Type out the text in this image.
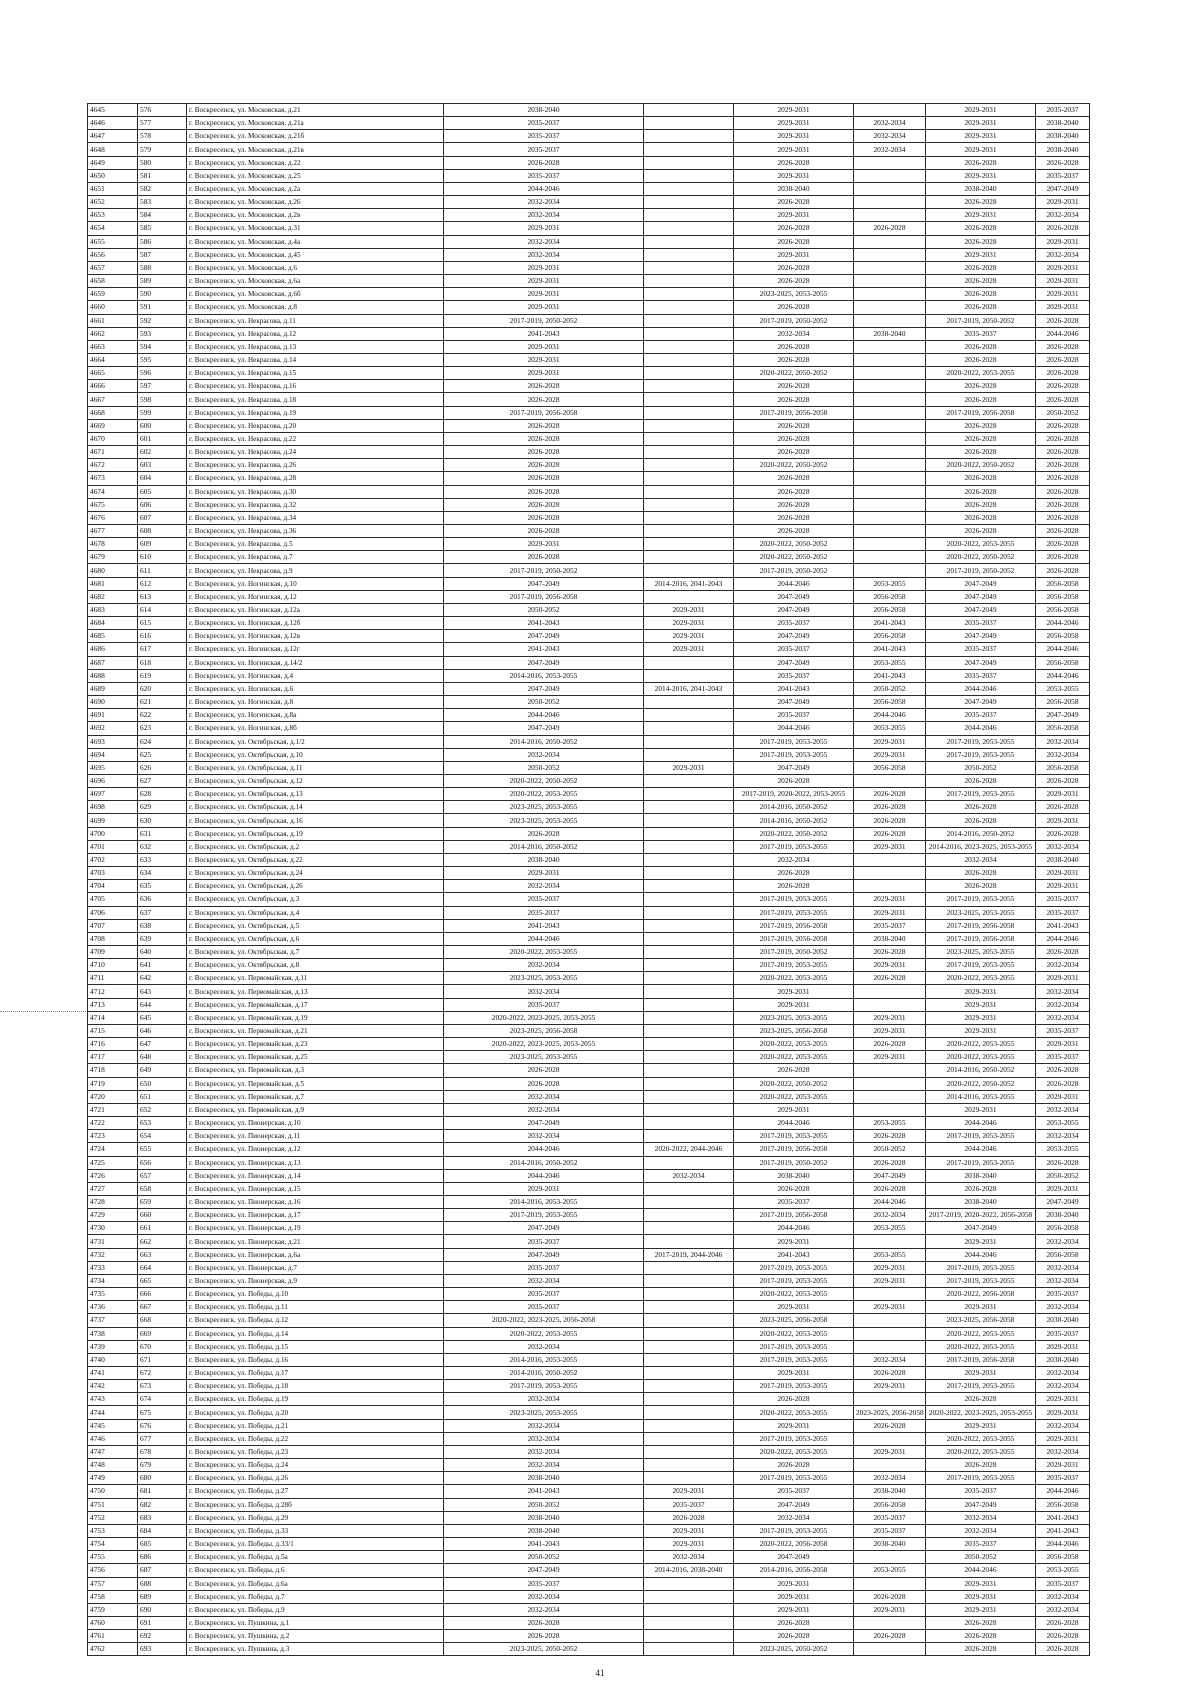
4645	576	г. Воскресенск, ул. Московская, д.21	2038-2040		2029-2031		2029-2031	2035-2037
4646	577	г. Воскресенск, ул. Московская, д.21а	2035-2037		2029-2031	2032-2034	2029-2031	2038-2040
4647	578	г. Воскресенск, ул. Московская, д.21б	2035-2037		2029-2031	2032-2034	2029-2031	2038-2040
4648	579	г. Воскресенск, ул. Московская, д.21в	2035-2037		2029-2031	2032-2034	2029-2031	2038-2040
4649	580	г. Воскресенск, ул. Московская, д.22	2026-2028		2026-2028		2026-2028	2026-2028
4650	581	г. Воскресенск, ул. Московская, д.25	2035-2037		2029-2031		2029-2031	2035-2037
4651	582	г. Воскресенск, ул. Московская, д.2а	2044-2046		2038-2040		2038-2040	2047-2049
4652	583	г. Воскресенск, ул. Московская, д.26	2032-2034		2026-2028		2026-2028	2029-2031
4653	584	г. Воскресенск, ул. Московская, д.2в	2032-2034		2029-2031		2029-2031	2032-2034
4654	585	г. Воскресенск, ул. Московская, д.31	2029-2031		2026-2028	2026-2028	2026-2028	2026-2028
4655	586	г. Воскресенск, ул. Московская, д.4а	2032-2034		2026-2028		2026-2028	2029-2031
4656	587	г. Воскресенск, ул. Московская, д.45	2032-2034		2029-2031		2029-2031	2032-2034
4657	588	г. Воскресенск, ул. Московская, д.6	2029-2031		2026-2028		2026-2028	2029-2031
4658	589	г. Воскресенск, ул. Московская, д.6а	2029-2031		2026-2028		2026-2028	2029-2031
4659	590	г. Воскресенск, ул. Московская, д.6б	2029-2031		2023-2025, 2053-2055		2026-2028	2029-2031
4660	591	г. Воскресенск, ул. Московская, д.8	2029-2031		2026-2028		2026-2028	2029-2031
4661	592	г. Воскресенск, ул. Некрасова, д.11	2017-2019, 2050-2052		2017-2019, 2050-2052		2017-2019, 2050-2052	2026-2028
4662	593	г. Воскресенск, ул. Некрасова, д.12	2041-2043		2032-2034	2038-2040	2035-2037	2044-2046
4663	594	г. Воскресенск, ул. Некрасова, д.13	2029-2031		2026-2028		2026-2028	2026-2028
4664	595	г. Воскресенск, ул. Некрасова, д.14	2029-2031		2026-2028		2026-2028	2026-2028
4665	596	г. Воскресенск, ул. Некрасова, д.15	2029-2031		2020-2022, 2050-2052		2020-2022, 2053-2055	2026-2028
4666	597	г. Воскресенск, ул. Некрасова, д.16	2026-2028		2026-2028		2026-2028	2026-2028
4667	598	г. Воскресенск, ул. Некрасова, д.18	2026-2028		2026-2028		2026-2028	2026-2028
4668	599	г. Воскресенск, ул. Некрасова, д.19	2017-2019, 2056-2058		2017-2019, 2056-2058		2017-2019, 2056-2058	2050-2052
4669	600	г. Воскресенск, ул. Некрасова, д.20	2026-2028		2026-2028		2026-2028	2026-2028
4670	601	г. Воскресенск, ул. Некрасова, д.22	2026-2028		2026-2028		2026-2028	2026-2028
4671	602	г. Воскресенск, ул. Некрасова, д.24	2026-2028		2026-2028		2026-2028	2026-2028
4672	603	г. Воскресенск, ул. Некрасова, д.26	2026-2028		2020-2022, 2050-2052		2020-2022, 2050-2052	2026-2028
4673	604	г. Воскресенск, ул. Некрасова, д.28	2026-2028		2026-2028		2026-2028	2026-2028
4674	605	г. Воскресенск, ул. Некрасова, д.30	2026-2028		2026-2028		2026-2028	2026-2028
4675	606	г. Воскресенск, ул. Некрасова, д.32	2026-2028		2026-2028		2026-2028	2026-2028
4676	607	г. Воскресенск, ул. Некрасова, д.34	2026-2028		2026-2028		2026-2028	2026-2028
4677	608	г. Воскресенск, ул. Некрасова, д.36	2026-2028		2026-2028		2026-2028	2026-2028
4678	609	г. Воскресенск, ул. Некрасова, д.5	2029-2031		2020-2022, 2050-2052		2020-2022, 2053-2055	2026-2028
4679	610	г. Воскресенск, ул. Некрасова, д.7	2026-2028		2020-2022, 2050-2052		2020-2022, 2050-2052	2026-2028
4680	611	г. Воскресенск, ул. Некрасова, д.9	2017-2019, 2050-2052		2017-2019, 2050-2052		2017-2019, 2050-2052	2026-2028
4681	612	г. Воскресенск, ул. Ногинская, д.10	2047-2049	2014-2016, 2041-2043	2044-2046	2053-2055	2047-2049	2056-2058
4682	613	г. Воскресенск, ул. Ногинская, д.12	2017-2019, 2056-2058		2047-2049	2056-2058	2047-2049	2056-2058
4683	614	г. Воскресенск, ул. Ногинская, д.12а	2050-2052	2029-2031	2047-2049	2056-2058	2047-2049	2056-2058
4684	615	г. Воскресенск, ул. Ногинская, д.12б	2041-2043	2029-2031	2035-2037	2041-2043	2035-2037	2044-2046
4685	616	г. Воскресенск, ул. Ногинская, д.12в	2047-2049	2029-2031	2047-2049	2056-2058	2047-2049	2056-2058
4686	617	г. Воскресенск, ул. Ногинская, д.12г	2041-2043	2029-2031	2035-2037	2041-2043	2035-2037	2044-2046
4687	618	г. Воскресенск, ул. Ногинская, д.14/2	2047-2049		2047-2049	2053-2055	2047-2049	2056-2058
4688	619	г. Воскресенск, ул. Ногинская, д.4	2014-2016, 2053-2055		2035-2037	2041-2043	2035-2037	2044-2046
4689	620	г. Воскресенск, ул. Ногинская, д.6	2047-2049	2014-2016, 2041-2043	2041-2043	2050-2052	2044-2046	2053-2055
4690	621	г. Воскресенск, ул. Ногинская, д.8	2050-2052		2047-2049	2056-2058	2047-2049	2056-2058
4691	622	г. Воскресенск, ул. Ногинская, д.8а	2044-2046		2035-2037	2044-2046	2035-2037	2047-2049
4692	623	г. Воскресенск, ул. Ногинская, д.8б	2047-2049		2044-2046	2053-2055	2044-2046	2056-2058
4693	624	г. Воскресенск, ул. Октябрьская, д.1/2	2014-2016, 2050-2052		2017-2019, 2053-2055	2029-2031	2017-2019, 2053-2055	2032-2034
4694	625	г. Воскресенск, ул. Октябрьская, д.10	2032-2034		2017-2019, 2053-2055	2029-2031	2017-2019, 2053-2055	2032-2034
4695	626	г. Воскресенск, ул. Октябрьская, д.11	2050-2052	2029-2031	2047-2049	2056-2058	2050-2052	2056-2058
4696	627	г. Воскресенск, ул. Октябрьская, д.12	2020-2022, 2050-2052		2026-2028		2026-2028	2026-2028
4697	628	г. Воскресенск, ул. Октябрьская, д.13	2020-2022, 2053-2055		2017-2019, 2020-2022, 2053-2055	2026-2028	2017-2019, 2053-2055	2029-2031
4698	629	г. Воскресенск, ул. Октябрьская, д.14	2023-2025, 2053-2055		2014-2016, 2050-2052	2026-2028	2026-2028	2026-2028
4699	630	г. Воскресенск, ул. Октябрьская, д.16	2023-2025, 2053-2055		2014-2016, 2050-2052	2026-2028	2026-2028	2029-2031
4700	631	г. Воскресенск, ул. Октябрьская, д.19	2026-2028		2020-2022, 2050-2052	2026-2028	2014-2016, 2050-2052	2026-2028
4701	632	г. Воскресенск, ул. Октябрьская, д.2	2014-2016, 2050-2052		2017-2019, 2053-2055	2029-2031	2014-2016, 2023-2025, 2053-2055	2032-2034
4702	633	г. Воскресенск, ул. Октябрьская, д.22	2038-2040		2032-2034		2032-2034	2038-2040
4703	634	г. Воскресенск, ул. Октябрьская, д.24	2029-2031		2026-2028		2026-2028	2029-2031
4704	635	г. Воскресенск, ул. Октябрьская, д.26	2032-2034		2026-2028		2026-2028	2029-2031
4705	636	г. Воскресенск, ул. Октябрьская, д.3	2035-2037		2017-2019, 2053-2055	2029-2031	2017-2019, 2053-2055	2035-2037
4706	637	г. Воскресенск, ул. Октябрьская, д.4	2035-2037		2017-2019, 2053-2055	2029-2031	2023-2025, 2053-2055	2035-2037
4707	638	г. Воскресенск, ул. Октябрьская, д.5	2041-2043		2017-2019, 2056-2058	2035-2037	2017-2019, 2056-2058	2041-2043
4708	639	г. Воскресенск, ул. Октябрьская, д.6	2044-2046		2017-2019, 2056-2058	2038-2040	2017-2019, 2056-2058	2044-2046
4709	640	г. Воскресенск, ул. Октябрьская, д.7	2020-2022, 2053-2055		2017-2019, 2050-2052	2026-2028	2023-2025, 2053-2055	2026-2028
4710	641	г. Воскресенск, ул. Октябрьская, д.8	2032-2034		2017-2019, 2053-2055	2029-2031	2017-2019, 2053-2055	2032-2034
4711	642	г. Воскресенск, ул. Первомайская, д.11	2023-2025, 2053-2055		2020-2022, 2053-2055	2026-2028	2020-2022, 2053-2055	2029-2031
4712	643	г. Воскресенск, ул. Первомайская, д.13	2032-2034		2029-2031		2029-2031	2032-2034
4713	644	г. Воскресенск, ул. Первомайская, д.17	2035-2037		2029-2031		2029-2031	2032-2034
4714	645	г. Воскресенск, ул. Первомайская, д.19	2020-2022, 2023-2025, 2053-2055		2023-2025, 2053-2055	2029-2031	2029-2031	2032-2034
4715	646	г. Воскресенск, ул. Первомайская, д.21	2023-2025, 2056-2058		2023-2025, 2056-2058	2029-2031	2029-2031	2035-2037
4716	647	г. Воскресенск, ул. Первомайская, д.23	2020-2022, 2023-2025, 2053-2055		2020-2022, 2053-2055	2026-2028	2020-2022, 2053-2055	2029-2031
4717	648	г. Воскресенск, ул. Первомайская, д.25	2023-2025, 2053-2055		2020-2022, 2053-2055	2029-2031	2020-2022, 2053-2055	2035-2037
4718	649	г. Воскресенск, ул. Первомайская, д.3	2026-2028		2026-2028		2014-2016, 2050-2052	2026-2028
4719	650	г. Воскресенск, ул. Первомайская, д.5	2026-2028		2020-2022, 2050-2052		2020-2022, 2050-2052	2026-2028
4720	651	г. Воскресенск, ул. Первомайская, д.7	2032-2034		2020-2022, 2053-2055		2014-2016, 2053-2055	2029-2031
4721	652	г. Воскресенск, ул. Первомайская, д.9	2032-2034		2029-2031		2029-2031	2032-2034
4722	653	г. Воскресенск, ул. Пионерская, д.10	2047-2049		2044-2046	2053-2055	2044-2046	2053-2055
4723	654	г. Воскресенск, ул. Пионерская, д.11	2032-2034		2017-2019, 2053-2055	2026-2028	2017-2019, 2053-2055	2032-2034
4724	655	г. Воскресенск, ул. Пионерская, д.12	2044-2046	2020-2022, 2044-2046	2017-2019, 2056-2058	2050-2052	2044-2046	2053-2055
4725	656	г. Воскресенск, ул. Пионерская, д.13	2014-2016, 2050-2052		2017-2019, 2050-2052	2026-2028	2017-2019, 2053-2055	2026-2028
4726	657	г. Воскресенск, ул. Пионерская, д.14	2044-2046	2032-2034	2038-2040	2047-2049	2038-2040	2050-2052
4727	658	г. Воскресенск, ул. Пионерская, д.15	2029-2031		2026-2028	2026-2028	2026-2028	2029-2031
4728	659	г. Воскресенск, ул. Пионерская, д.16	2014-2016, 2053-2055		2035-2037	2044-2046	2038-2040	2047-2049
4729	660	г. Воскресенск, ул. Пионерская, д.17	2017-2019, 2053-2055		2017-2019, 2056-2058	2032-2034	2017-2019, 2020-2022, 2056-2058	2038-2040
4730	661	г. Воскресенск, ул. Пионерская, д.19	2047-2049		2044-2046	2053-2055	2047-2049	2056-2058
4731	662	г. Воскресенск, ул. Пионерская, д.21	2035-2037		2029-2031		2029-2031	2032-2034
4732	663	г. Воскресенск, ул. Пионерская, д.6а	2047-2049	2017-2019, 2044-2046	2041-2043	2053-2055	2044-2046	2056-2058
4733	664	г. Воскресенск, ул. Пионерская, д.7	2035-2037		2017-2019, 2053-2055	2029-2031	2017-2019, 2053-2055	2032-2034
4734	665	г. Воскресенск, ул. Пионерская, д.9	2032-2034		2017-2019, 2053-2055	2029-2031	2017-2019, 2053-2055	2032-2034
4735	666	г. Воскресенск, ул. Победы, д.10	2035-2037		2020-2022, 2053-2055		2020-2022, 2056-2058	2035-2037
4736	667	г. Воскресенск, ул. Победы, д.11	2035-2037		2029-2031	2029-2031	2029-2031	2032-2034
4737	668	г. Воскресенск, ул. Победы, д.12	2020-2022, 2023-2025, 2056-2058		2023-2025, 2056-2058		2023-2025, 2056-2058	2038-2040
4738	669	г. Воскресенск, ул. Победы, д.14	2020-2022, 2053-2055		2020-2022, 2053-2055		2020-2022, 2053-2055	2035-2037
4739	670	г. Воскресенск, ул. Победы, д.15	2032-2034		2017-2019, 2053-2055		2020-2022, 2053-2055	2029-2031
4740	671	г. Воскресенск, ул. Победы, д.16	2014-2016, 2053-2055		2017-2019, 2053-2055	2032-2034	2017-2019, 2056-2058	2038-2040
4741	672	г. Воскресенск, ул. Победы, д.17	2014-2016, 2050-2052		2029-2031	2026-2028	2029-2031	2032-2034
4742	673	г. Воскресенск, ул. Победы, д.18	2017-2019, 2053-2055		2017-2019, 2053-2055	2029-2031	2017-2019, 2053-2055	2032-2034
4743	674	г. Воскресенск, ул. Победы, д.19	2032-2034		2026-2028		2026-2028	2029-2031
4744	675	г. Воскресенск, ул. Победы, д.20	2023-2025, 2053-2055		2020-2022, 2053-2055	2023-2025, 2056-2058	2020-2022, 2023-2025, 2053-2055	2029-2031
4745	676	г. Воскресенск, ул. Победы, д.21	2032-2034		2029-2031	2026-2028	2029-2031	2032-2034
4746	677	г. Воскресенск, ул. Победы, д.22	2032-2034		2017-2019, 2053-2055		2020-2022, 2053-2055	2029-2031
4747	678	г. Воскресенск, ул. Победы, д.23	2032-2034		2020-2022, 2053-2055	2029-2031	2020-2022, 2053-2055	2032-2034
4748	679	г. Воскресенск, ул. Победы, д.24	2032-2034		2026-2028		2026-2028	2029-2031
4749	680	г. Воскресенск, ул. Победы, д.26	2038-2040		2017-2019, 2053-2055	2032-2034	2017-2019, 2053-2055	2035-2037
4750	681	г. Воскресенск, ул. Победы, д.27	2041-2043	2029-2031	2035-2037	2038-2040	2035-2037	2044-2046
4751	682	г. Воскресенск, ул. Победы, д.28б	2050-2052	2035-2037	2047-2049	2056-2058	2047-2049	2056-2058
4752	683	г. Воскресенск, ул. Победы, д.29	2038-2040	2026-2028	2032-2034	2035-2037	2032-2034	2041-2043
4753	684	г. Воскресенск, ул. Победы, д.33	2038-2040	2029-2031	2017-2019, 2053-2055	2035-2037	2032-2034	2041-2043
4754	685	г. Воскресенск, ул. Победы, д.33/1	2041-2043	2029-2031	2020-2022, 2056-2058	2038-2040	2035-2037	2044-2046
4755	686	г. Воскресенск, ул. Победы, д.5а	2050-2052	2032-2034	2047-2049		2050-2052	2056-2058
4756	687	г. Воскресенск, ул. Победы, д.6	2047-2049	2014-2016, 2038-2040	2014-2016, 2056-2058	2053-2055	2044-2046	2053-2055
4757	688	г. Воскресенск, ул. Победы, д.6а	2035-2037		2029-2031		2029-2031	2035-2037
4758	689	г. Воскресенск, ул. Победы, д.7	2032-2034		2029-2031	2026-2028	2029-2031	2032-2034
4759	690	г. Воскресенск, ул. Победы, д.9	2032-2034		2029-2031	2029-2031	2029-2031	2032-2034
4760	691	г. Воскресенск, ул. Пушкина, д.1	2026-2028		2026-2028		2026-2028	2026-2028
4761	692	г. Воскресенск, ул. Пушкина, д.2	2026-2028		2026-2028	2026-2028	2026-2028	2026-2028
4762	693	г. Воскресенск, ул. Пушкина, д.3	2023-2025, 2050-2052		2023-2025, 2050-2052		2026-2028	2026-2028
41
